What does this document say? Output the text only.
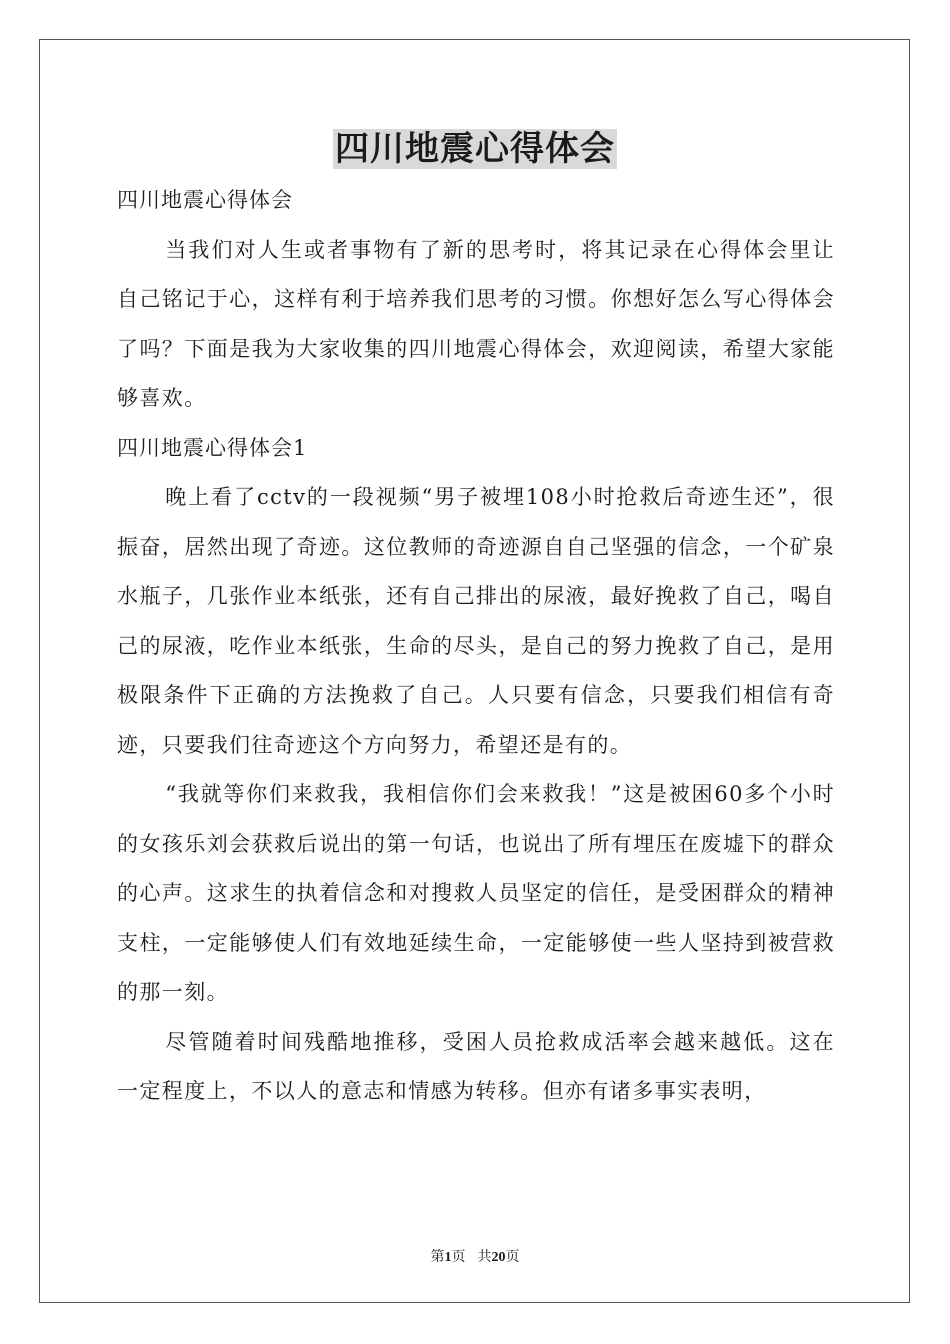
四川地震心得体会

四川地震心得体会

当我们对人生或者事物有了新的思考时，将其记录在心得体会里让自己铭记于心，这样有利于培养我们思考的习惯。你想好怎么写心得体会了吗？下面是我为大家收集的四川地震心得体会，欢迎阅读，希望大家能够喜欢。

四川地震心得体会1

晚上看了cctv的一段视频“男子被埋108小时抢救后奇迹生还”，很振奋，居然出现了奇迹。这位教师的奇迹源自自己坚强的信念，一个矿泉水瓶子，几张作业本纸张，还有自己排出的尿液，最好挽救了自己，喝自己的尿液，吃作业本纸张，生命的尽头，是自己的努力挽救了自己，是用极限条件下正确的方法挽救了自己。人只要有信念，只要我们相信有奇迹，只要我们往奇迹这个方向努力，希望还是有的。

“我就等你们来救我，我相信你们会来救我！”这是被困60多个小时的女孩乐刘会获救后说出的第一句话，也说出了所有埋压在废墟下的群众的心声。这求生的执着信念和对搜救人员坚定的信任，是受困群众的精神支柱，一定能够使人们有效地延续生命，一定能够使一些人坚持到被营救的那一刻。

尽管随着时间残酷地推移，受困人员抢救成活率会越来越低。这在一定程度上，不以人的意志和情感为转移。但亦有诸多事实表明，

第1页 共20页
